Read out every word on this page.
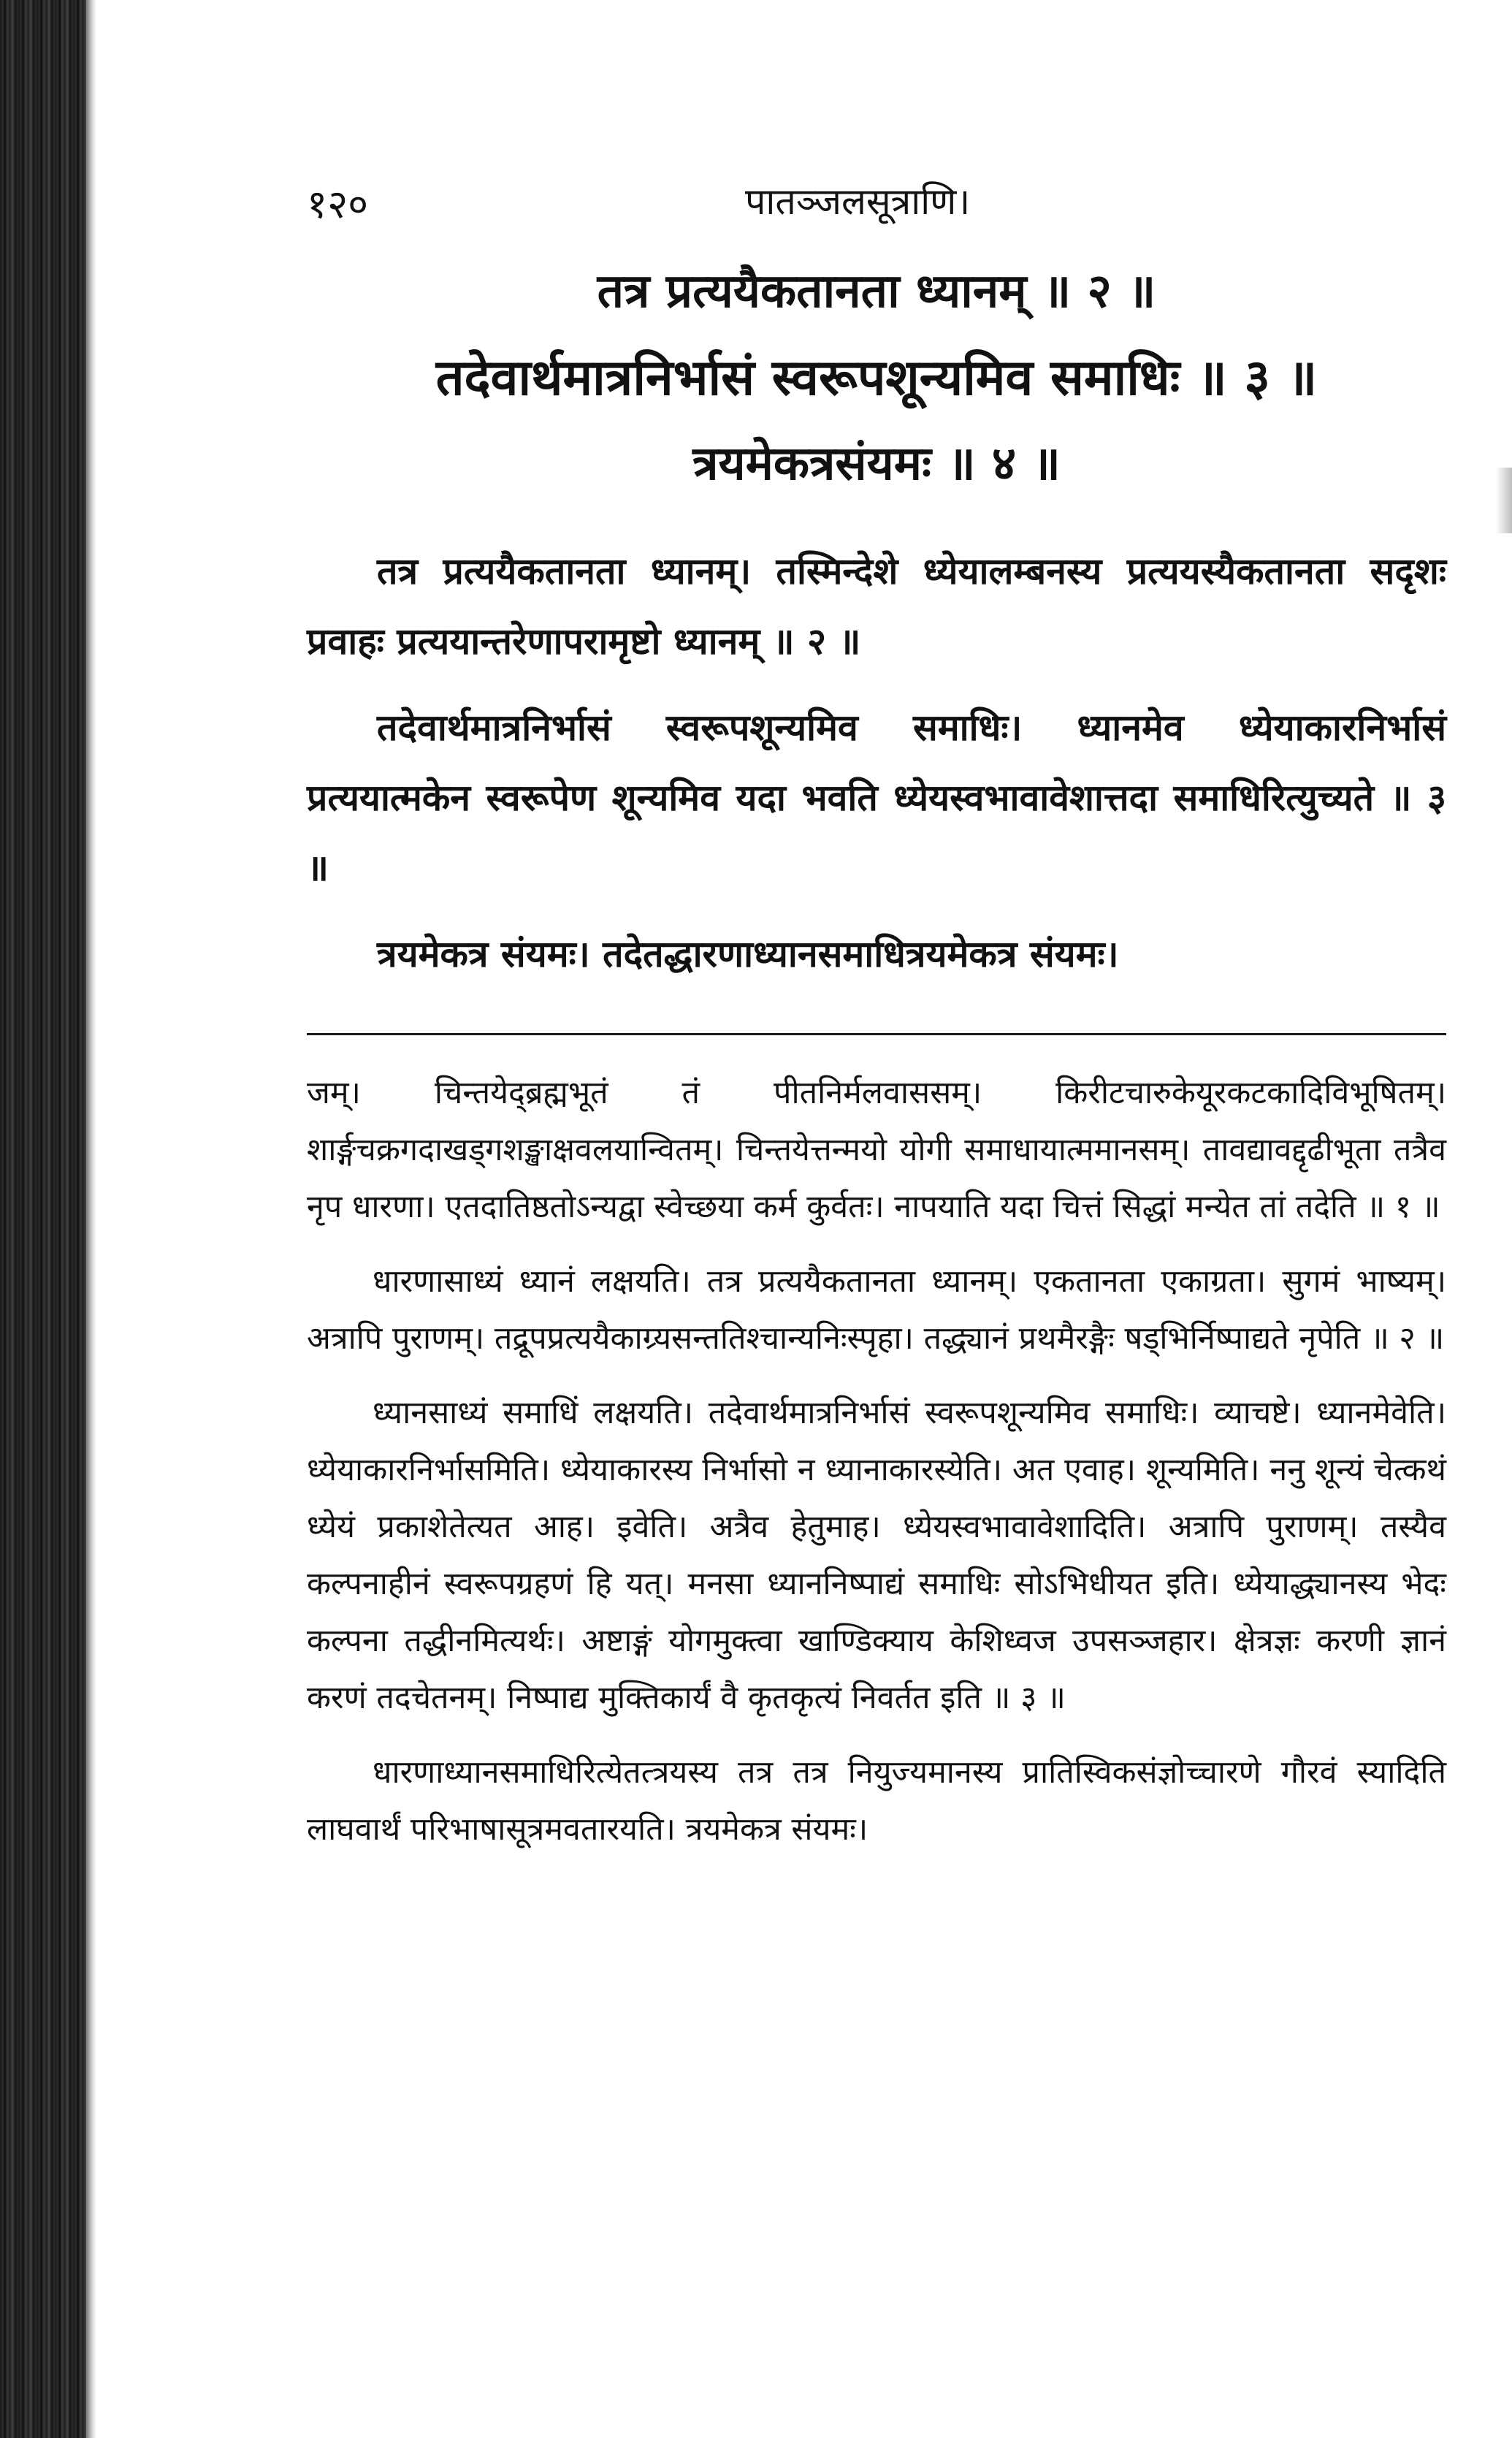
१२०	पातञ्जलसूत्राणि।
तत्र प्रत्ययैकतानता ध्यानम् ॥ २ ॥
तदेवार्थमात्रनिर्भासं स्वरूपशून्यमिव समाधिः ॥ ३ ॥
त्रयमेकत्रसंयमः ॥ ४ ॥

तत्र प्रत्ययैकतानता ध्यानम्। तस्मिन्देशे ध्येयालम्बनस्य प्रत्ययस्यैकतानता सदृशः प्रवाहः प्रत्ययान्तरेणापरामृष्टो ध्यानम् ॥ २ ॥

तदेवार्थमात्रनिर्भासं स्वरूपशून्यमिव समाधिः। ध्यानमेव ध्येयाकारनिर्भासं प्रत्ययात्मकेन स्वरूपेण शून्यमिव यदा भवति ध्येयस्वभावावेशात्तदा समाधिरित्युच्यते ॥ ३ ॥

त्रयमेकत्र संयमः। तदेतद्धारणाध्यानसमाधित्रयमेकत्र संयमः।

जम्। चिन्तयेद्ब्रह्मभूतं तं पीतनिर्मलवाससम्। किरीटचारुकेयूरकटकादिविभूषितम्। शार्ङ्गचक्रगदाखड्गशङ्खाक्षवलयान्वितम्। चिन्तयेत्तन्मयो योगी समाधायात्ममानसम्। तावद्यावद्दृढीभूता तत्रैव नृप धारणा। एतदातिष्ठतोऽन्यद्वा स्वेच्छया कर्म कुर्वतः। नापयाति यदा चित्तं सिद्धां मन्येत तां तदेति ॥ १ ॥

धारणासाध्यं ध्यानं लक्षयति। तत्र प्रत्ययैकतानता ध्यानम्। एकतानता एकाग्रता। सुगमं भाष्यम्। अत्रापि पुराणम्। तद्रूपप्रत्ययैकाग्र्यसन्ततिश्चान्यनिःस्पृहा। तद्ध्यानं प्रथमैरङ्गैः षड्भिर्निष्पाद्यते नृपेति ॥ २ ॥

ध्यानसाध्यं समाधिं लक्षयति। तदेवार्थमात्रनिर्भासं स्वरूपशून्यमिव समाधिः। व्याचष्टे। ध्यानमेवेति। ध्येयाकारनिर्भासमिति। ध्येयाकारस्य निर्भासो न ध्यानाकारस्येति। अत एवाह। शून्यमिति। ननु शून्यं चेत्कथं ध्येयं प्रकाशेतेत्यत आह। इवेति। अत्रैव हेतुमाह। ध्येयस्वभावावेशादिति। अत्रापि पुराणम्। तस्यैव कल्पनाहीनं स्वरूपग्रहणं हि यत्। मनसा ध्याननिष्पाद्यं समाधिः सोऽभिधीयत इति। ध्येयाद्ध्यानस्य भेदः कल्पना तद्धीनमित्यर्थः। अष्टाङ्गं योगमुक्त्वा खाण्डिक्याय केशिध्वज उपसञ्जहार। क्षेत्रज्ञः करणी ज्ञानं करणं तदचेतनम्। निष्पाद्य मुक्तिकार्यं वै कृतकृत्यं निवर्तत इति ॥ ३ ॥

धारणाध्यानसमाधिरित्येतत्त्रयस्य तत्र तत्र नियुज्यमानस्य प्रातिस्विकसंज्ञोच्चारणे गौरवं स्यादिति लाघवार्थं परिभाषासूत्रमवतारयति। त्रयमेकत्र संयमः।
